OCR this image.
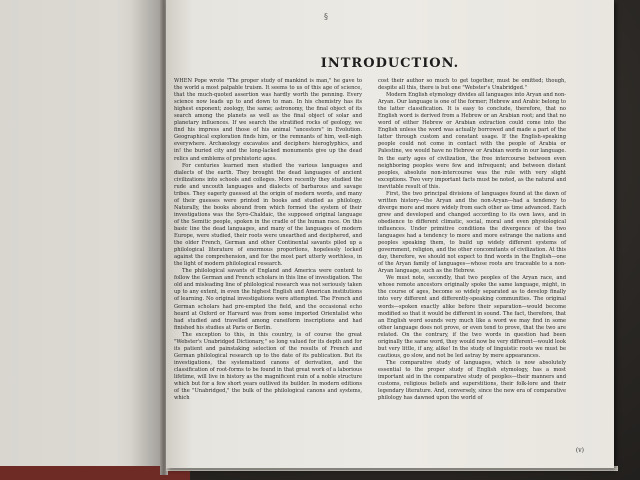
§
INTRODUCTION.

WHEN Pope wrote "The proper study of mankind is man," he gave to the world a most palpable truism. It seems to us of this age of science, that the much-quoted assertion was hardly worth the penning. Every science now leads up to and down to man. In his chemistry has its highest exponent; zoology, the same; astronomy, the final object of its search among the planets as well as the final object of solar and planetary influences. If we search the stratified rocks of geology, we find his impress and those of his animal "ancestors" in Evolution. Geographical exploration finds him, or the remnants of him, well-nigh everywhere. Archæology excavates and deciphers hieroglyphics, and in! the buried city and the long-lacked monuments give up the dead relics and emblems of prehistoric ages.

For centuries learned men studied the various languages and dialects of the earth. They brought the dead languages of ancient civilizations into schools and colleges. More recently they studied the rude and uncouth languages and dialects of barbarous and savage tribes. They eagerly guessed at the origin of modern words, and many of their guesses were printed in books and studied as philology. Naturally, the books abound from which formed the system of their investigations was the Syro-Chaldaic, the supposed original language of the Semitic people, spoken in the cradle of the human race. On this basic line the dead languages, and many of the languages of modern Europe, were studied, their roots were unearthed and deciphered, and the older French, German and other Continental savants piled up a philological literature of enormous proportions, hopelessly locked against the comprehension, and for the most part utterly worthless, in the light of modern philological research.

The philological savants of England and America were content to follow the German and French scholars in this line of investigation. The old and misleading line of philological research was not seriously taken up to any extent, in even the highest English and American institutions of learning. No original investigations were attempted. The French and German scholars had pre-empted the field, and the occasional echo heard at Oxford or Harvard was from some imported Orientalist who had studied and travelled among cuneiform inscriptions and had finished his studies at Paris or Berlin.

The exception to this, in this country, is of course the great "Webster's Unabridged Dictionary," so long valued for its depth and for its patient and painstaking selection of the results of French and German philological research up to the date of its publication. But its investigations, the systematized canons of derivation, and the classification of root-forms to be found in that great work of a laborious lifetime, will live in history as the magnificent ruin of a noble structure which but for a few short years outlived its builder. In modern editions of the "Unabridged," the bulk of the philological canons and systems, which

cost their author so much to get together, must be omitted; though, despite all this, there is but one "Webster's Unabridged."

Modern English etymology divides all languages into Aryan and non-Aryan. Our language is one of the former; Hebrew and Arabic belong to the latter classification. It is easy to conclude, therefore, that no English word is derived from a Hebrew or an Arabian root; and that no word of either Hebrew or Arabian extraction could come into the English unless the word was actually borrowed and made a part of the latter through custom and constant usage. If the English-speaking people could not come in contact with the people of Arabia or Palestine, we would have no Hebrew or Arabian words in our language. In the early ages of civilization, the free intercourse between even neighboring peoples were few and infrequent; and between distant peoples, absolute non-intercourse was the rule with very slight exceptions. Two very important facts must be noted, as the natural and inevitable result of this.

First, the two principal divisions of languages found at the dawn of written history—the Aryan and the non-Aryan—had a tendency to diverge more and more widely from each other as time advanced. Each grew and developed and changed according to its own laws, and in obedience to different climatic, social, moral and even physiological influences. Under primitive conditions the divergence of the two languages had a tendency to more and more estrange the nations and peoples speaking them, to build up widely different systems of government, religion, and the other concomitants of civilization. At this day, therefore, we should not expect to find words in the English—one of the Aryan family of languages—whose roots are traceable to a non-Aryan language, such as the Hebrew.

We must note, secondly, that two peoples of the Aryan race, and whose remote ancestors originally spoke the same language, might, in the course of ages, become so widely separated as to develop finally into very different and differently-speaking communities. The original words—spoken exactly alike before their separation—would become modified so that it would be different in sound. The fact, therefore, that an English word sounds very much like a word we may find in some other language does not prove, or even tend to prove, that the two are related. On the contrary, if the two words in question had been originally the same word, they would now be very different—would look but very little, if any, alike! In the study of linguistic roots we must be cautious, go slow, and not be led astray by mere appearances.

The comparative study of languages, which is now absolutely essential to the proper study of English etymology, has a most important aid in the comparative study of peoples—their manners and customs, religious beliefs and superstitions, their folk-lore and their legendary literature. And, conversely, since the new era of comparative philology has dawned upon the world of

(v)
